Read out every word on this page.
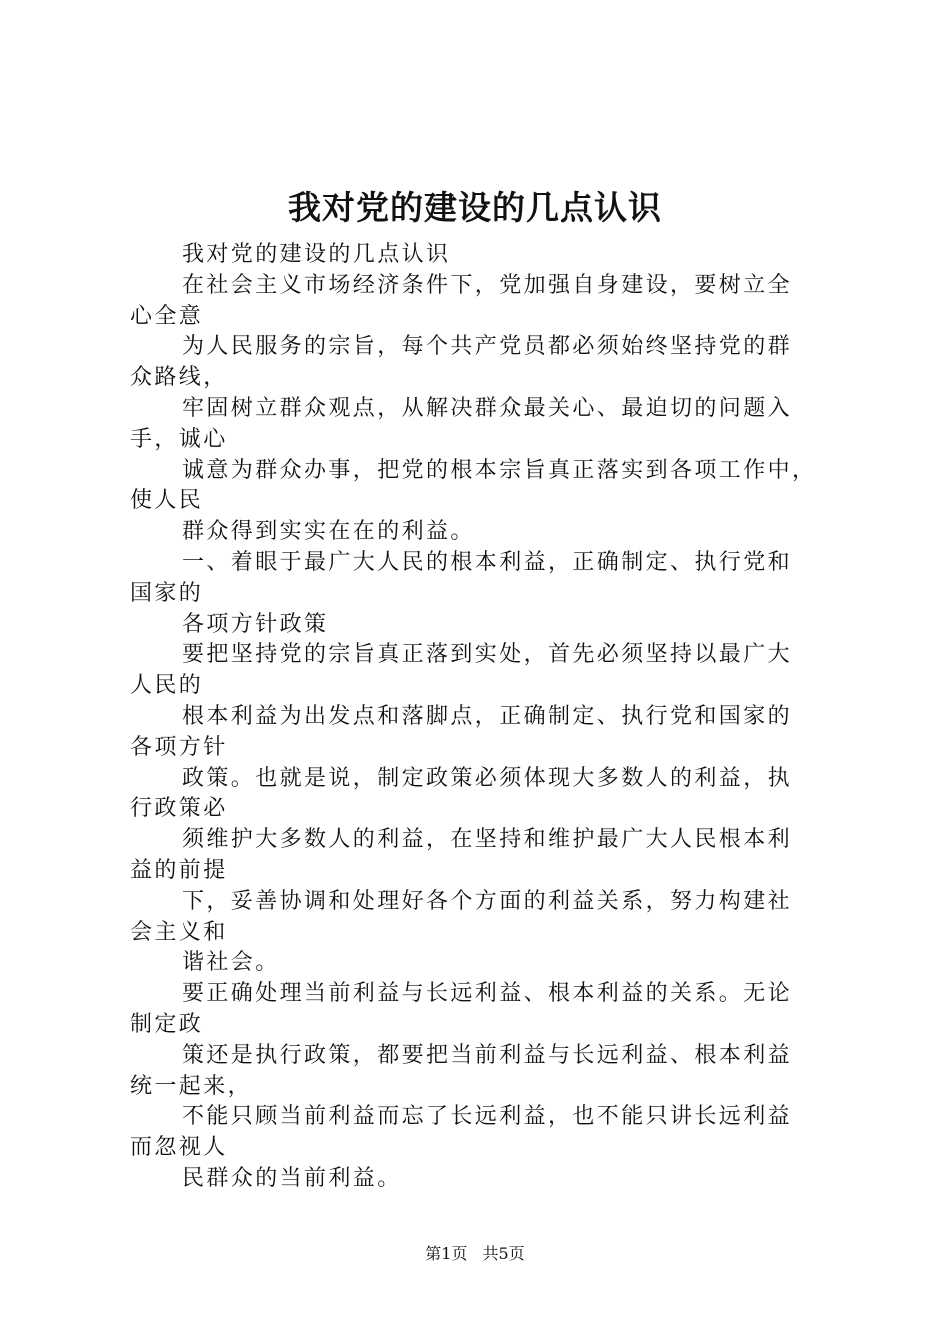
我对党的建设的几点认识

我对党的建设的几点认识

在社会主义市场经济条件下，党加强自身建设，要树立全
心全意

为人民服务的宗旨，每个共产党员都必须始终坚持党的群
众路线，

牢固树立群众观点，从解决群众最关心、最迫切的问题入
手，诚心

诚意为群众办事，把党的根本宗旨真正落实到各项工作中，
使人民

群众得到实实在在的利益。

一、着眼于最广大人民的根本利益，正确制定、执行党和
国家的

各项方针政策

要把坚持党的宗旨真正落到实处，首先必须坚持以最广大
人民的

根本利益为出发点和落脚点，正确制定、执行党和国家的
各项方针

政策。也就是说，制定政策必须体现大多数人的利益，执
行政策必

须维护大多数人的利益，在坚持和维护最广大人民根本利
益的前提

下，妥善协调和处理好各个方面的利益关系，努力构建社
会主义和

谐社会。

要正确处理当前利益与长远利益、根本利益的关系。无论
制定政

策还是执行政策，都要把当前利益与长远利益、根本利益
统一起来，

不能只顾当前利益而忘了长远利益，也不能只讲长远利益
而忽视人

民群众的当前利益。

第1页 共5页
